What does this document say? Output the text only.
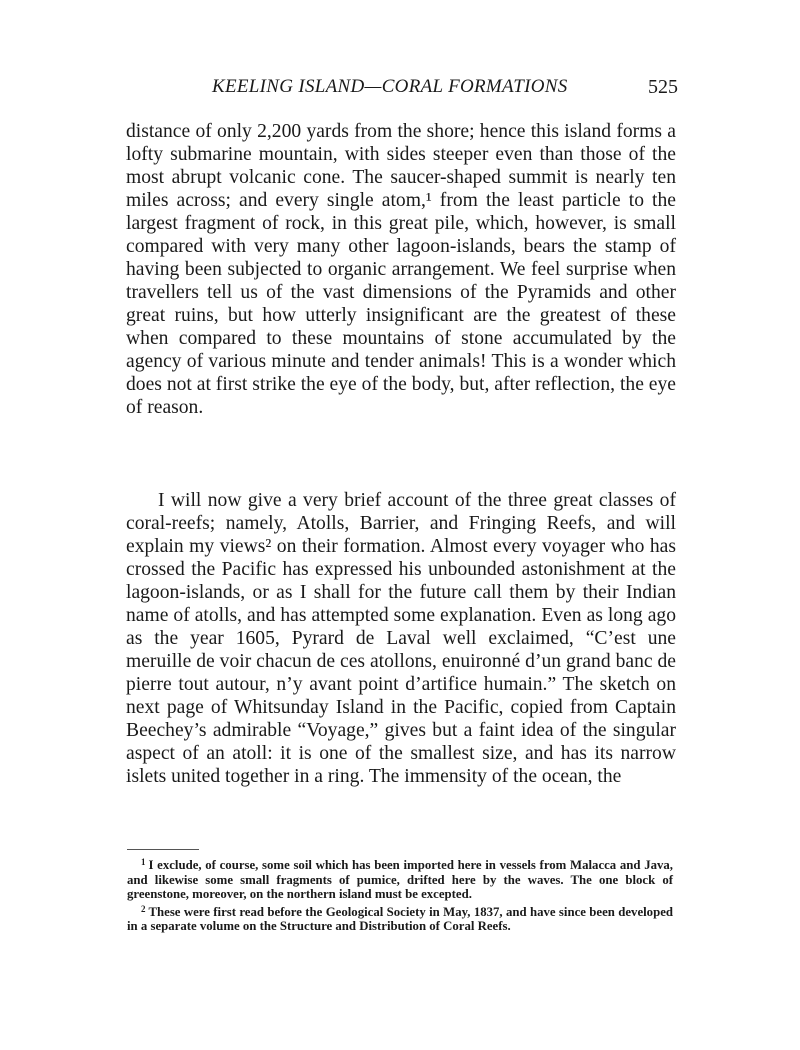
KEELING ISLAND—CORAL FORMATIONS	525

distance of only 2,200 yards from the shore; hence this island forms a lofty submarine mountain, with sides steeper even than those of the most abrupt volcanic cone. The saucer-shaped summit is nearly ten miles across; and every single atom,¹ from the least particle to the largest fragment of rock, in this great pile, which, however, is small compared with very many other lagoon-islands, bears the stamp of having been subjected to organic arrangement. We feel surprise when travellers tell us of the vast dimensions of the Pyramids and other great ruins, but how utterly insignificant are the greatest of these when compared to these mountains of stone accumulated by the agency of various minute and tender animals! This is a wonder which does not at first strike the eye of the body, but, after reflection, the eye of reason.

I will now give a very brief account of the three great classes of coral-reefs; namely, Atolls, Barrier, and Fringing Reefs, and will explain my views² on their formation. Almost every voyager who has crossed the Pacific has expressed his unbounded astonishment at the lagoon-islands, or as I shall for the future call them by their Indian name of atolls, and has attempted some explanation. Even as long ago as the year 1605, Pyrard de Laval well exclaimed, “C’est une meruille de voir chacun de ces atollons, enuironné d’un grand banc de pierre tout autour, n’y avant point d’artifice humain.” The sketch on next page of Whitsunday Island in the Pacific, copied from Captain Beechey’s admirable “Voyage,” gives but a faint idea of the singular aspect of an atoll: it is one of the smallest size, and has its narrow islets united together in a ring. The immensity of the ocean, the

$^1$ I exclude, of course, some soil which has been imported here in vessels from Malacca and Java, and likewise some small fragments of pumice, drifted here by the waves. The one block of greenstone, moreover, on the northern island must be excepted.

$^2$ These were first read before the Geological Society in May, 1837, and have since been developed in a separate volume on the Structure and Distribution of Coral Reefs.
